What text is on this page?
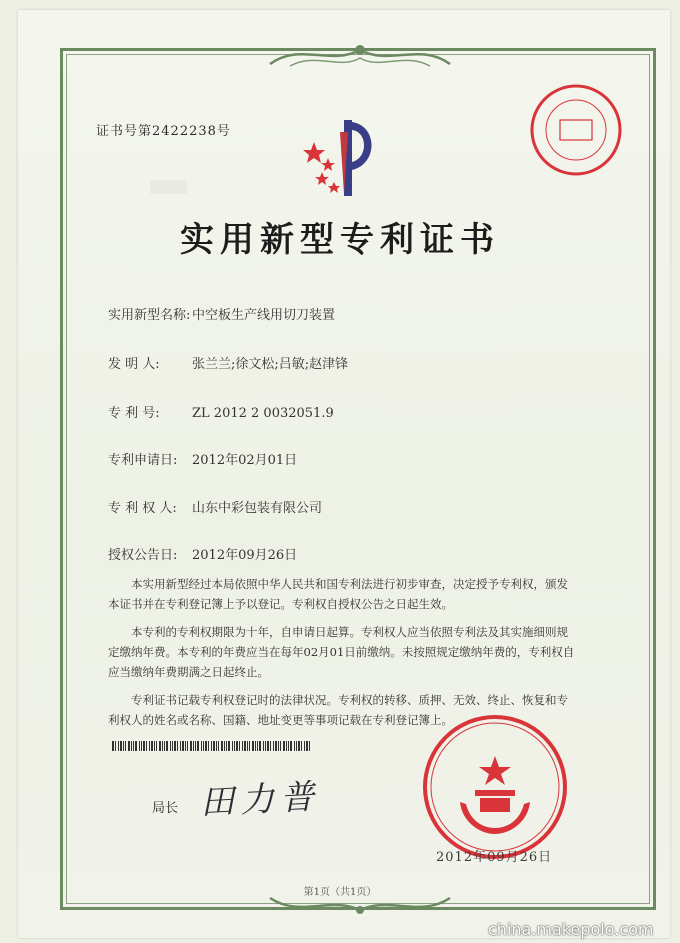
▒▒▒▒
证书号第2422238号
实用新型专利证书
实用新型名称: 中空板生产线用切刀装置
发 明 人: 张兰兰;徐文松;吕敏;赵津锋
专 利 号: ZL 2012 2 0032051.9
专利申请日: 2012年02月01日
专 利 权 人: 山东中彩包装有限公司
授权公告日: 2012年09月26日

本实用新型经过本局依照中华人民共和国专利法进行初步审查，决定授予专利权，颁发本证书并在专利登记簿上予以登记。专利权自授权公告之日起生效。

本专利的专利权期限为十年，自申请日起算。专利权人应当依照专利法及其实施细则规定缴纳年费。本专利的年费应当在每年02月01日前缴纳。未按照规定缴纳年费的，专利权自应当缴纳年费期满之日起终止。

专利证书记载专利权登记时的法律状况。专利权的转移、质押、无效、终止、恢复和专利权人的姓名或名称、国籍、地址变更等事项记载在专利登记簿上。

局长 田力普
2012年09月26日
第1页（共1页）
china.makepolo.com
